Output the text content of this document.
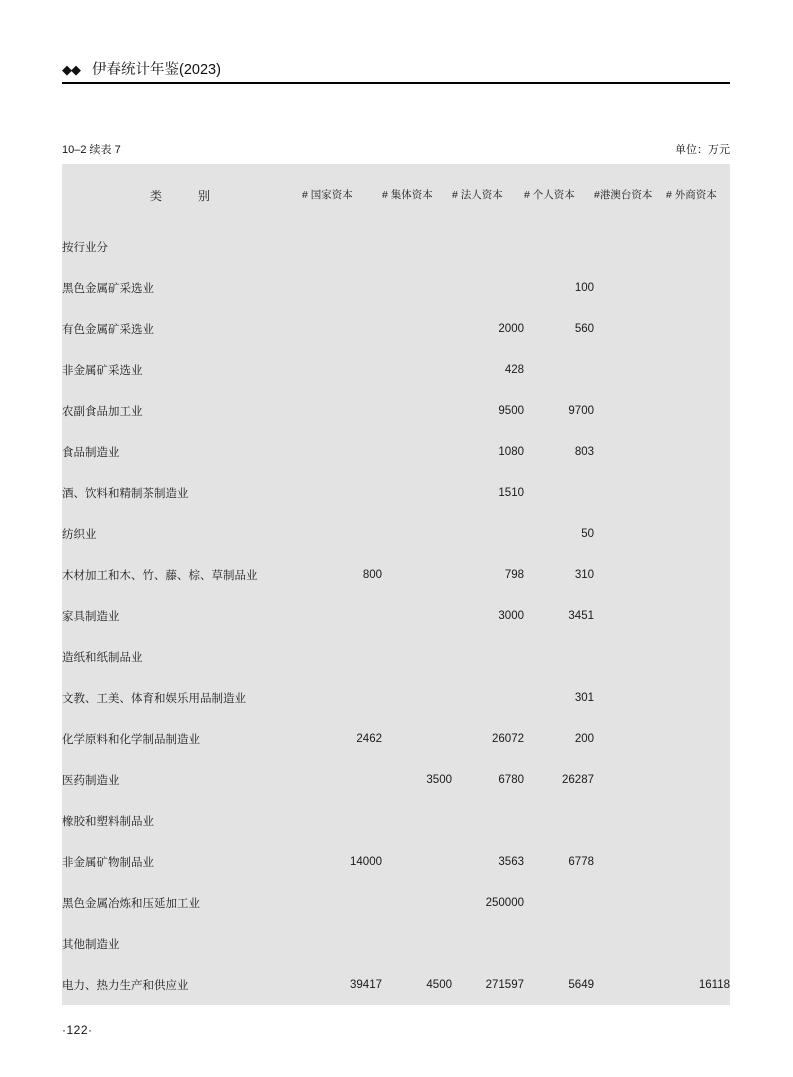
◆◆ 伊春统计年鉴(2023)
10–2 续表 7	单位：万元
类　　别	# 国家资本	# 集体资本	# 法人资本	# 个人资本	#港澳台资本	# 外商资本
按行业分						
黑色金属矿采选业				100		
有色金属矿采选业			2000	560		
非金属矿采选业			428			
农副食品加工业			9500	9700		
食品制造业			1080	803		
酒、饮料和精制茶制造业			1510			
纺织业				50		
木材加工和木、竹、藤、棕、草制品业	800		798	310		
家具制造业			3000	3451		
造纸和纸制品业						
文教、工美、体育和娱乐用品制造业				301		
化学原料和化学制品制造业	2462		26072	200		
医药制造业		3500	6780	26287		
橡胶和塑料制品业						
非金属矿物制品业	14000		3563	6778		
黑色金属冶炼和压延加工业			250000			
其他制造业						
电力、热力生产和供应业	39417	4500	271597	5649		16118
·122·
